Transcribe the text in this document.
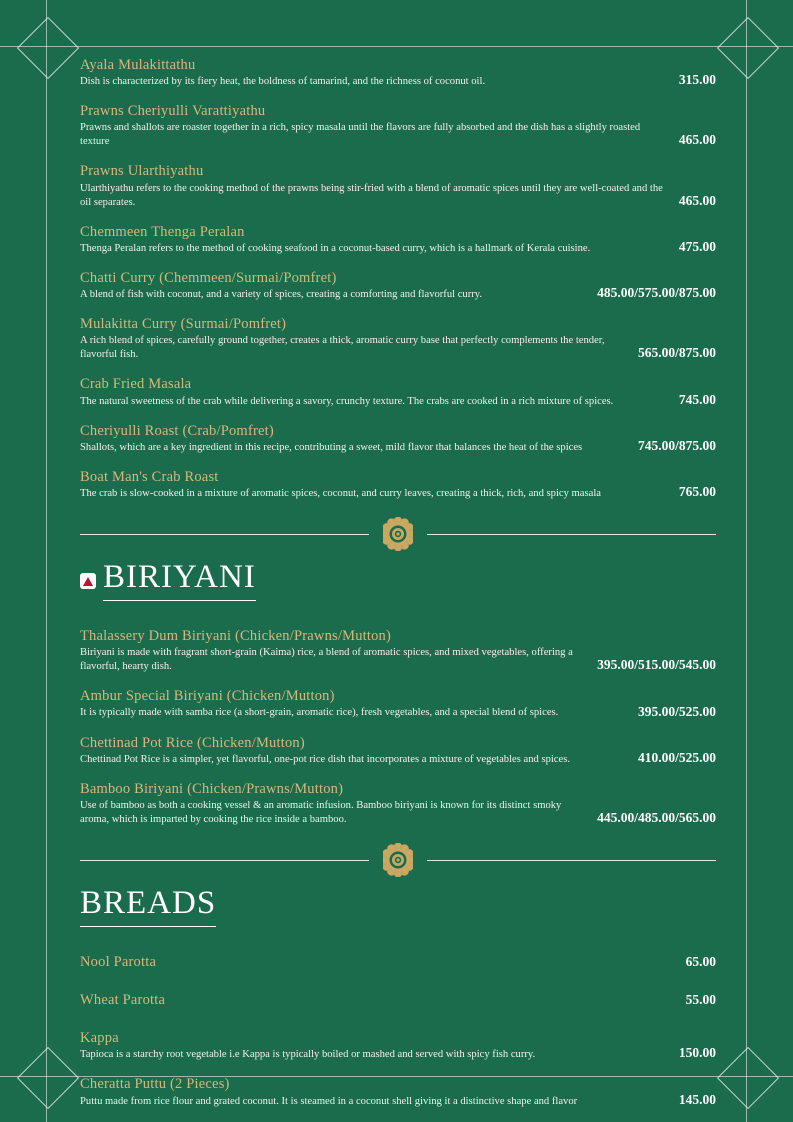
Ayala Mulakittathu
Dish is characterized by its fiery heat, the boldness of tamarind, and the richness of coconut oil.	315.00
Prawns Cheriyulli Varattiyathu
Prawns and shallots are roaster together in a rich, spicy masala until the flavors are fully absorbed and the dish has a slightly roasted texture	465.00
Prawns Ularthiyathu
Ularthiyathu refers to the cooking method of the prawns being stir-fried with a blend of aromatic spices until they are well-coated and the oil separates.	465.00
Chemmeen Thenga Peralan
Thenga Peralan refers to the method of cooking seafood in a coconut-based curry, which is a hallmark of Kerala cuisine.	475.00
Chatti Curry (Chemmeen/Surmai/Pomfret)
A blend of fish with coconut, and a variety of spices, creating a comforting and flavorful curry.	485.00/575.00/875.00
Mulakitta Curry (Surmai/Pomfret)
A rich blend of spices, carefully ground together, creates a thick, aromatic curry base that perfectly complements the tender, flavorful fish.	565.00/875.00
Crab Fried Masala
The natural sweetness of the crab while delivering a savory, crunchy texture. The crabs are cooked in a rich mixture of spices.	745.00
Cheriyulli Roast (Crab/Pomfret)
Shallots, which are a key ingredient in this recipe, contributing a sweet, mild flavor that balances the heat of the spices	745.00/875.00
Boat Man's Crab Roast
The crab is slow-cooked in a mixture of aromatic spices, coconut, and curry leaves, creating a thick, rich, and spicy masala	765.00
BIRIYANI
Thalassery Dum Biriyani (Chicken/Prawns/Mutton)
Biriyani is made with fragrant short-grain (Kaima) rice, a blend of aromatic spices, and mixed vegetables, offering a flavorful, hearty dish.	395.00/515.00/545.00
Ambur Special Biriyani (Chicken/Mutton)
It is typically made with samba rice (a short-grain, aromatic rice), fresh vegetables, and a special blend of spices.	395.00/525.00
Chettinad Pot Rice (Chicken/Mutton)
Chettinad Pot Rice is a simpler, yet flavorful, one-pot rice dish that incorporates a mixture of vegetables and spices.	410.00/525.00
Bamboo Biriyani (Chicken/Prawns/Mutton)
Use of bamboo as both a cooking vessel & an aromatic infusion. Bamboo biriyani is known for its distinct smoky aroma, which is imparted by cooking the rice inside a bamboo.	445.00/485.00/565.00
BREADS
Nool Parotta	65.00
Wheat Parotta	55.00
Kappa
Tapioca is a starchy root vegetable i.e Kappa is typically boiled or mashed and served with spicy fish curry.	150.00
Cheratta Puttu (2 Pieces)
Puttu made from rice flour and grated coconut. It is steamed in a coconut shell giving it a distinctive shape and flavor	145.00
